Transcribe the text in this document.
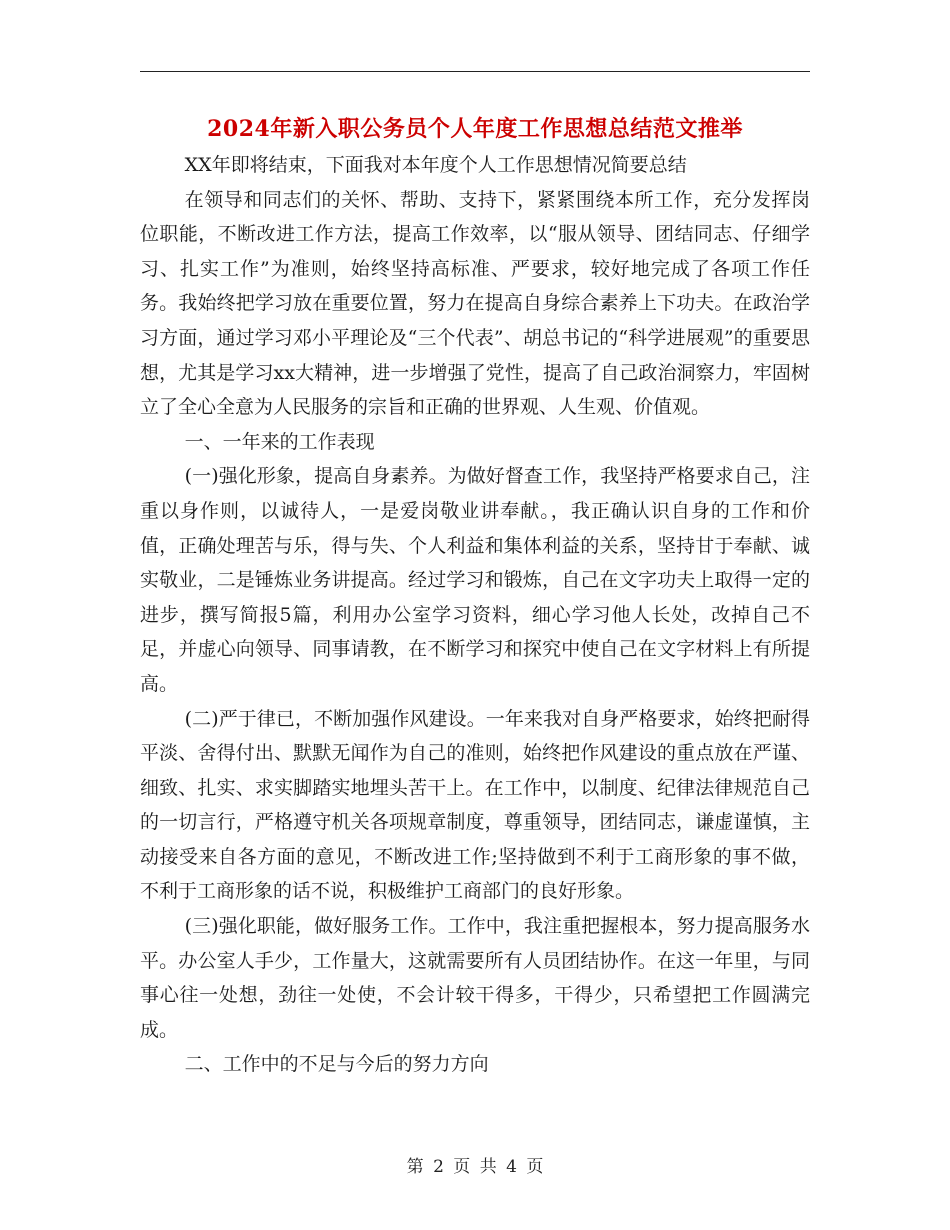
2024年新入职公务员个人年度工作思想总结范文推举

XX年即将结束，下面我对本年度个人工作思想情况简要总结

在领导和同志们的关怀、帮助、支持下，紧紧围绕本所工作，充分发挥岗位职能，不断改进工作方法，提高工作效率，以“服从领导、团结同志、仔细学习、扎实工作”为准则，始终坚持高标准、严要求，较好地完成了各项工作任务。我始终把学习放在重要位置，努力在提高自身综合素养上下功夫。在政治学习方面，通过学习邓小平理论及“三个代表”、胡总书记的“科学进展观”的重要思想，尤其是学习xx大精神，进一步增强了党性，提高了自己政治洞察力，牢固树立了全心全意为人民服务的宗旨和正确的世界观、人生观、价值观。

一、一年来的工作表现

(一)强化形象，提高自身素养。为做好督查工作，我坚持严格要求自己，注重以身作则，以诚待人，一是爱岗敬业讲奉献。，我正确认识自身的工作和价值，正确处理苦与乐，得与失、个人利益和集体利益的关系，坚持甘于奉献、诚实敬业，二是锤炼业务讲提高。经过学习和锻炼，自己在文字功夫上取得一定的进步，撰写简报5篇，利用办公室学习资料，细心学习他人长处，改掉自己不足，并虚心向领导、同事请教，在不断学习和探究中使自己在文字材料上有所提高。

(二)严于律已，不断加强作风建设。一年来我对自身严格要求，始终把耐得平淡、舍得付出、默默无闻作为自己的准则，始终把作风建设的重点放在严谨、细致、扎实、求实脚踏实地埋头苦干上。在工作中，以制度、纪律法律规范自己的一切言行，严格遵守机关各项规章制度，尊重领导，团结同志，谦虚谨慎，主动接受来自各方面的意见，不断改进工作;坚持做到不利于工商形象的事不做，不利于工商形象的话不说，积极维护工商部门的良好形象。

(三)强化职能，做好服务工作。工作中，我注重把握根本，努力提高服务水平。办公室人手少，工作量大，这就需要所有人员团结协作。在这一年里，与同事心往一处想，劲往一处使，不会计较干得多，干得少，只希望把工作圆满完成。

二、工作中的不足与今后的努力方向

第 2 页 共 4 页
